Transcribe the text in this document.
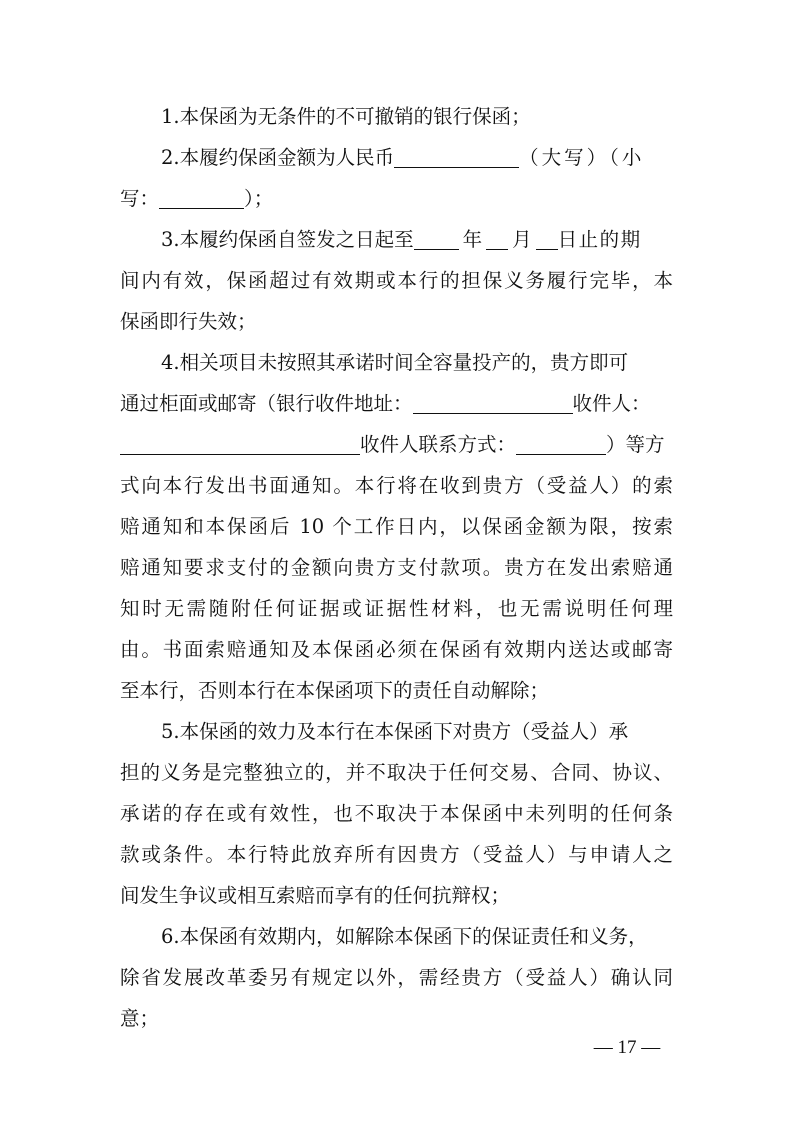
1.本保函为无条件的不可撤销的银行保函；
2.本履约保函金额为人民币	（大写）（小
写：	）；
3.本履约保函自签发之日起至	年 月 日止的期
间内有效，保函超过有效期或本行的担保义务履行完毕，本
保函即行失效；
4.相关项目未按照其承诺时间全容量投产的，贵方即可
通过柜面或邮寄（银行收件地址：	收件人：
收件人联系方式：	）等方
式向本行发出书面通知。本行将在收到贵方（受益人）的索
赔通知和本保函后 10 个工作日内，以保函金额为限，按索
赔通知要求支付的金额向贵方支付款项。贵方在发出索赔通
知时无需随附任何证据或证据性材料，也无需说明任何理
由。书面索赔通知及本保函必须在保函有效期内送达或邮寄
至本行，否则本行在本保函项下的责任自动解除；
5.本保函的效力及本行在本保函下对贵方（受益人）承
担的义务是完整独立的，并不取决于任何交易、合同、协议、
承诺的存在或有效性，也不取决于本保函中未列明的任何条
款或条件。本行特此放弃所有因贵方（受益人）与申请人之
间发生争议或相互索赔而享有的任何抗辩权；
6.本保函有效期内，如解除本保函下的保证责任和义务，
除省发展改革委另有规定以外，需经贵方（受益人）确认同
意；
— 17 —
